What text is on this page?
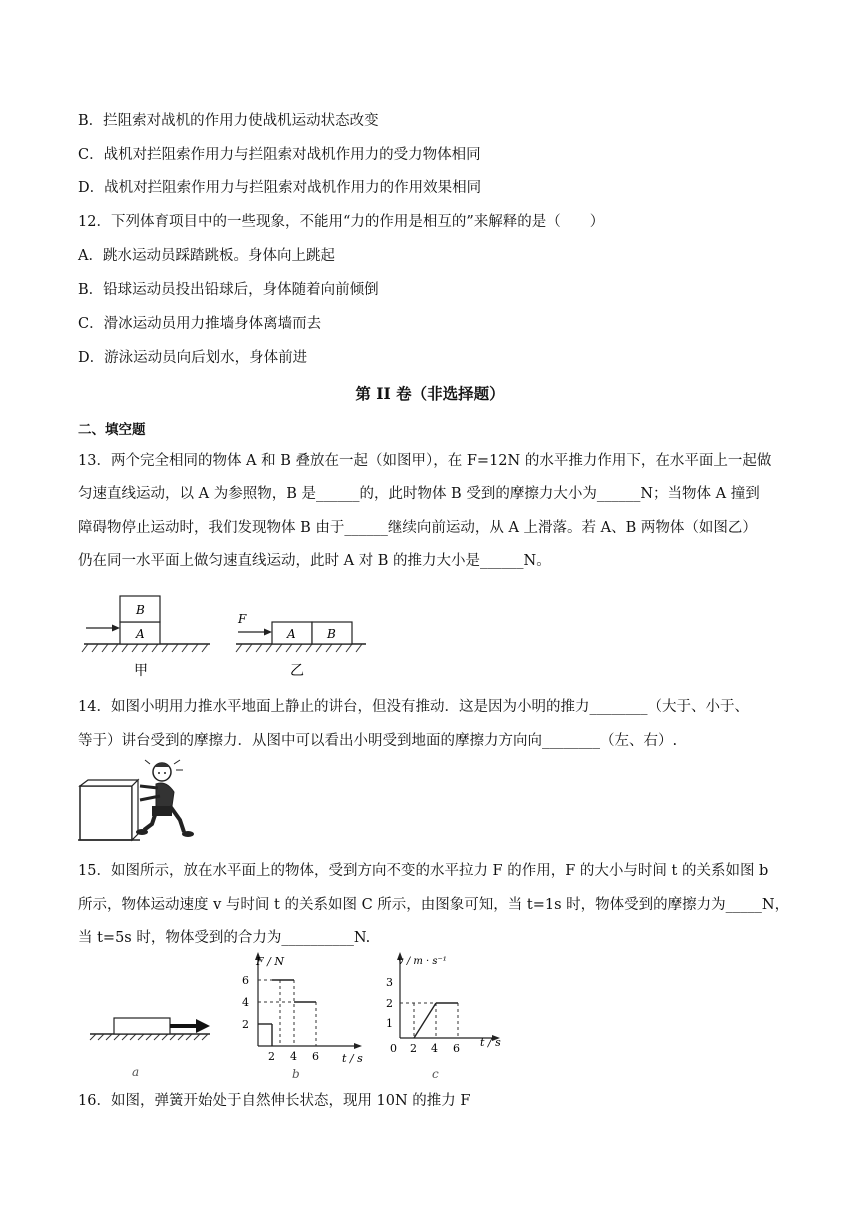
B．拦阻索对战机的作用力使战机运动状态改变
C．战机对拦阻索作用力与拦阻索对战机作用力的受力物体相同
D．战机对拦阻索作用力与拦阻索对战机作用力的作用效果相同
12．下列体育项目中的一些现象，不能用“力的作用是相互的”来解释的是（　　）
A．跳水运动员踩踏跳板。身体向上跳起
B．铅球运动员投出铅球后，身体随着向前倾倒
C．滑冰运动员用力推墙身体离墙而去
D．游泳运动员向后划水，身体前进
第 II 卷（非选择题）
二、填空题
13．两个完全相同的物体 A 和 B 叠放在一起（如图甲），在 F=12N 的水平推力作用下，在水平面上一起做
匀速直线运动，以 A 为参照物，B 是______的，此时物体 B 受到的摩擦力大小为______N；当物体 A 撞到
障碍物停止运动时，我们发现物体 B 由于______继续向前运动，从 A 上滑落。若 A、B 两物体（如图乙）
仍在同一水平面上做匀速直线运动，此时 A 对 B 的推力大小是______N。
A
B
甲
A	B
F
乙
14．如图小明用力推水平地面上静止的讲台，但没有推动．这是因为小明的推力________（大于、小于、
等于）讲台受到的摩擦力．从图中可以看出小明受到地面的摩擦力方向向________（左、右）.
15．如图所示，放在水平面上的物体，受到方向不变的水平拉力 F 的作用，F 的大小与时间 t 的关系如图 b
所示，物体运动速度 v 与时间 t 的关系如图 C 所示，由图象可知，当 t=1s 时，物体受到的摩擦力为_____N，
当 t=5s 时，物体受到的合力为__________N.
a
F / N
t / s
6
4
2
2 4 6
b
v / m · s⁻¹
t / s
3
2
1
0 2 4 6
c
16．如图，弹簧开始处于自然伸长状态，现用 10N 的推力 F
